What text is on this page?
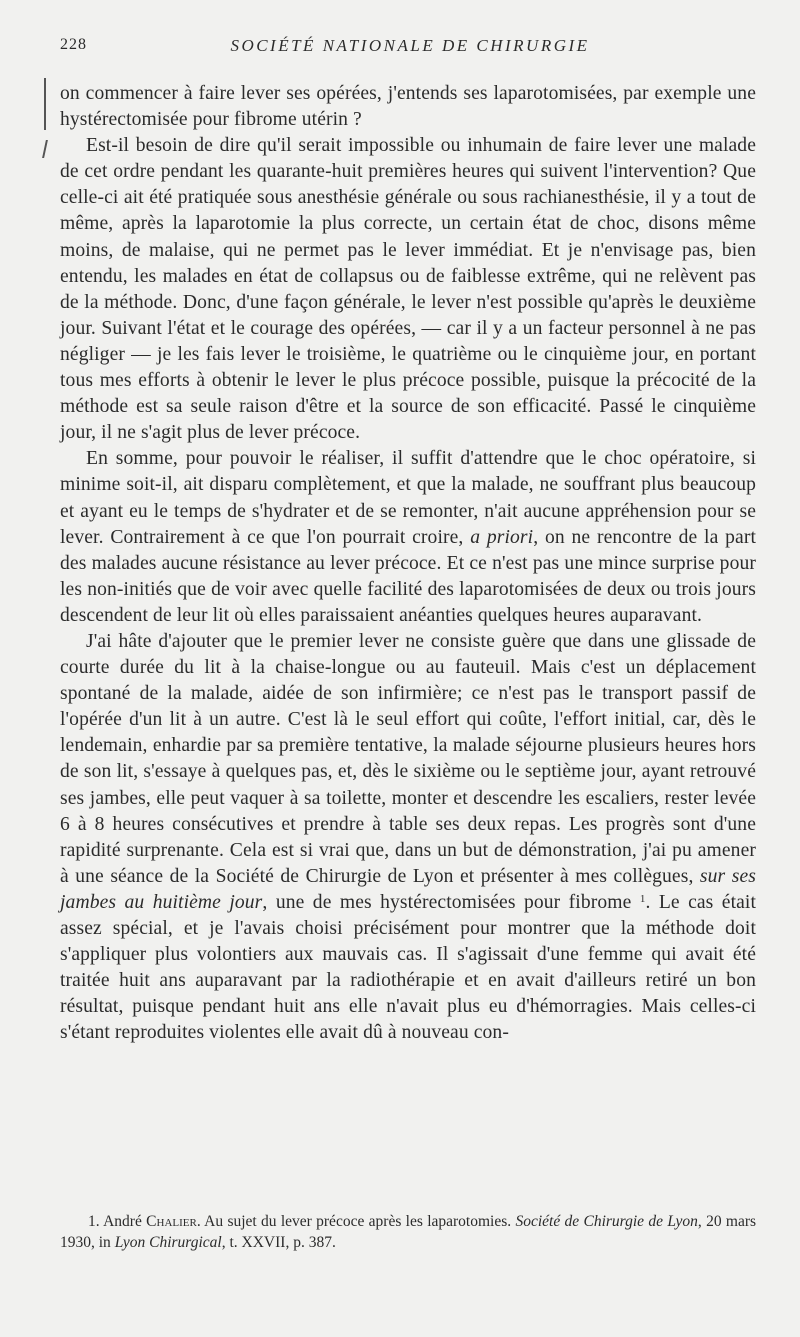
228	SOCIÉTÉ NATIONALE DE CHIRURGIE

on commencer à faire lever ses opérées, j'entends ses laparotomisées, par exemple une hystérectomisée pour fibrome utérin ?

Est-il besoin de dire qu'il serait impossible ou inhumain de faire lever une malade de cet ordre pendant les quarante-huit premières heures qui suivent l'intervention? Que celle-ci ait été pratiquée sous anesthésie générale ou sous rachianesthésie, il y a tout de même, après la laparotomie la plus correcte, un certain état de choc, disons même moins, de malaise, qui ne permet pas le lever immédiat. Et je n'envisage pas, bien entendu, les malades en état de collapsus ou de faiblesse extrême, qui ne relèvent pas de la méthode. Donc, d'une façon générale, le lever n'est possible qu'après le deuxième jour. Suivant l'état et le courage des opérées, — car il y a un facteur personnel à ne pas négliger — je les fais lever le troisième, le quatrième ou le cinquième jour, en portant tous mes efforts à obtenir le lever le plus précoce possible, puisque la précocité de la méthode est sa seule raison d'être et la source de son efficacité. Passé le cinquième jour, il ne s'agit plus de lever précoce.

En somme, pour pouvoir le réaliser, il suffit d'attendre que le choc opératoire, si minime soit-il, ait disparu complètement, et que la malade, ne souffrant plus beaucoup et ayant eu le temps de s'hydrater et de se remonter, n'ait aucune appréhension pour se lever. Contrairement à ce que l'on pourrait croire, a priori, on ne rencontre de la part des malades aucune résistance au lever précoce. Et ce n'est pas une mince surprise pour les non-initiés que de voir avec quelle facilité des laparotomisées de deux ou trois jours descendent de leur lit où elles paraissaient anéanties quelques heures auparavant.

J'ai hâte d'ajouter que le premier lever ne consiste guère que dans une glissade de courte durée du lit à la chaise-longue ou au fauteuil. Mais c'est un déplacement spontané de la malade, aidée de son infirmière; ce n'est pas le transport passif de l'opérée d'un lit à un autre. C'est là le seul effort qui coûte, l'effort initial, car, dès le lendemain, enhardie par sa première tentative, la malade séjourne plusieurs heures hors de son lit, s'essaye à quelques pas, et, dès le sixième ou le septième jour, ayant retrouvé ses jambes, elle peut vaquer à sa toilette, monter et descendre les escaliers, rester levée 6 à 8 heures consécutives et prendre à table ses deux repas. Les progrès sont d'une rapidité surprenante. Cela est si vrai que, dans un but de démonstration, j'ai pu amener à une séance de la Société de Chirurgie de Lyon et présenter à mes collègues, sur ses jambes au huitième jour, une de mes hystérectomisées pour fibrome $^1$. Le cas était assez spécial, et je l'avais choisi précisément pour montrer que la méthode doit s'appliquer plus volontiers aux mauvais cas. Il s'agissait d'une femme qui avait été traitée huit ans auparavant par la radiothérapie et en avait d'ailleurs retiré un bon résultat, puisque pendant huit ans elle n'avait plus eu d'hémorragies. Mais celles-ci s'étant reproduites violentes elle avait dû à nouveau con-

1. André Chalier. Au sujet du lever précoce après les laparotomies. Société de Chirurgie de Lyon, 20 mars 1930, in Lyon Chirurgical, t. XXVII, p. 387.
